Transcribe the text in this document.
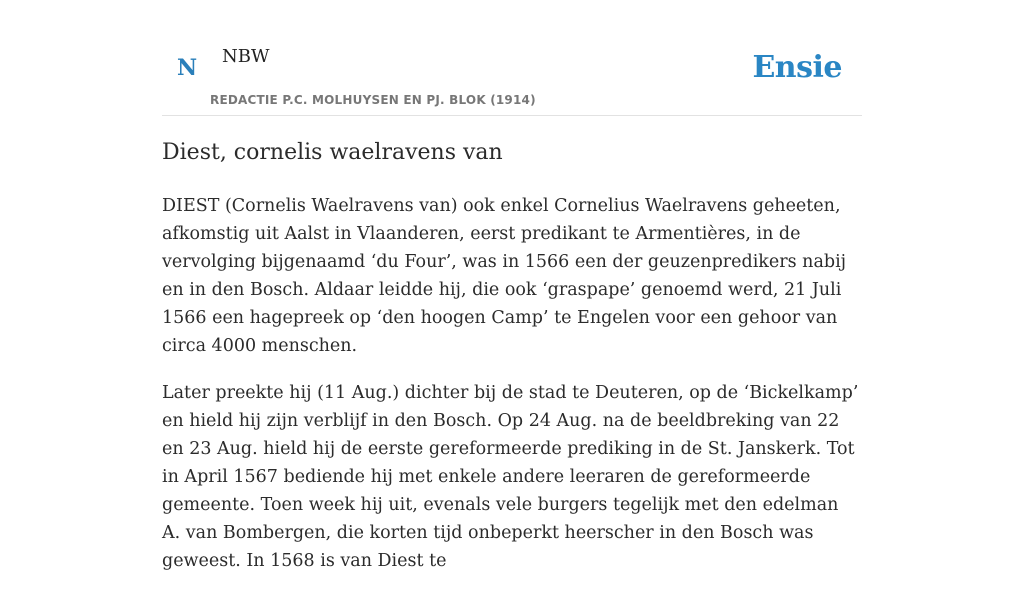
N NBW
REDACTIE P.C. MOLHUYSEN EN PJ. BLOK (1914)
Ensie
Diest, cornelis waelravens van

DIEST (Cornelis Waelravens van) ook enkel Cornelius Waelravens geheeten, afkomstig uit Aalst in Vlaanderen, eerst predikant te Armentières, in de vervolging bijgenaamd ‘du Four’, was in 1566 een der geuzenpredikers nabij en in den Bosch. Aldaar leidde hij, die ook ‘graspape’ genoemd werd, 21 Juli 1566 een hagepreek op ‘den hoogen Camp’ te Engelen voor een gehoor van circa 4000 menschen.

Later preekte hij (11 Aug.) dichter bij de stad te Deuteren, op de ‘Bickelkamp’ en hield hij zijn verblijf in den Bosch. Op 24 Aug. na de beeldbreking van 22 en 23 Aug. hield hij de eerste gereformeerde prediking in de St. Janskerk. Tot in April 1567 bediende hij met enkele andere leeraren de gereformeerde gemeente. Toen week hij uit, evenals vele burgers tegelijk met den edelman A. van Bombergen, die korten tijd onbeperkt heerscher in den Bosch was geweest. In 1568 is van Diest te
